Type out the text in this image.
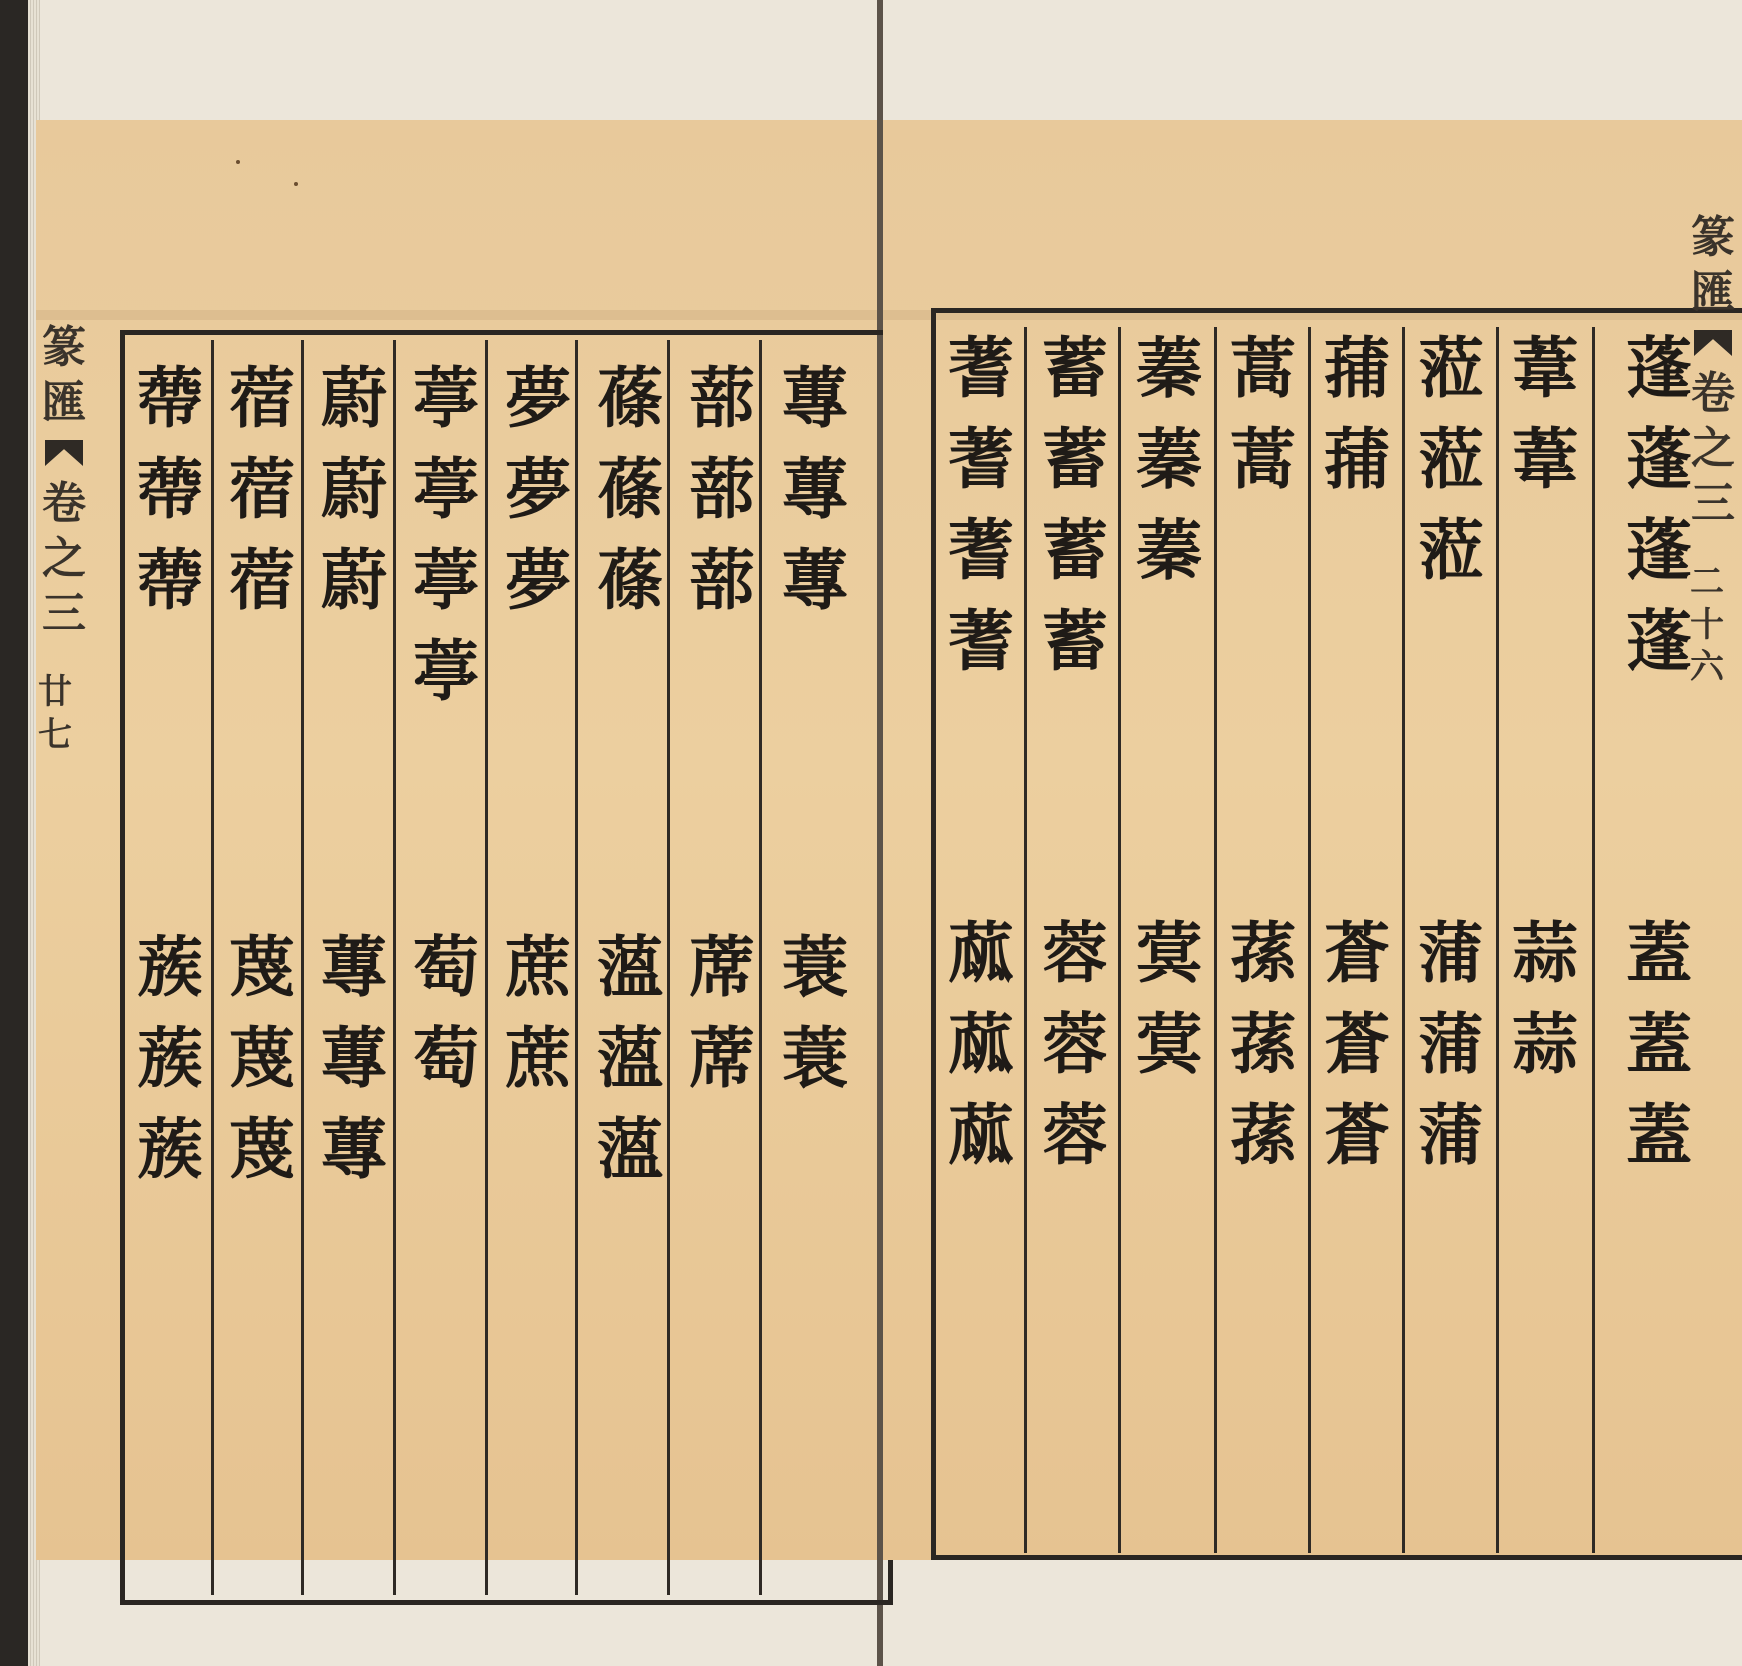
篆
匯
卷
之
三
廿七
蓴
蓴
蓴
蓑
蓑
蔀
蔀
蔀
蓆
蓆
蓧
蓧
蓧
薀
薀
薀
夢
夢
夢
蔗
蔗
葶
葶
葶
葶
萄
萄
蔚
蔚
蔚
蓴
蓴
蓴
蓿
蓿
蓿
蔑
蔑
蔑
蔕
蔕
蔕
蔟
蔟
蔟
蓬
蓬
蓬
蓬
蓋
蓋
蓋
葦
葦
蒜
蒜
蒞
蒞
蒞
蒲
蒲
蒲
蒱
蒱
蒼
蒼
蒼
蒿
蒿
蓀
蓀
蓀
蓁
蓁
蓁
蓂
蓂
蓄
蓄
蓄
蓄
蓉
蓉
蓉
蓍
蓍
蓍
蓍
蓏
蓏
蓏
篆
匯
卷
之
三
二十六
